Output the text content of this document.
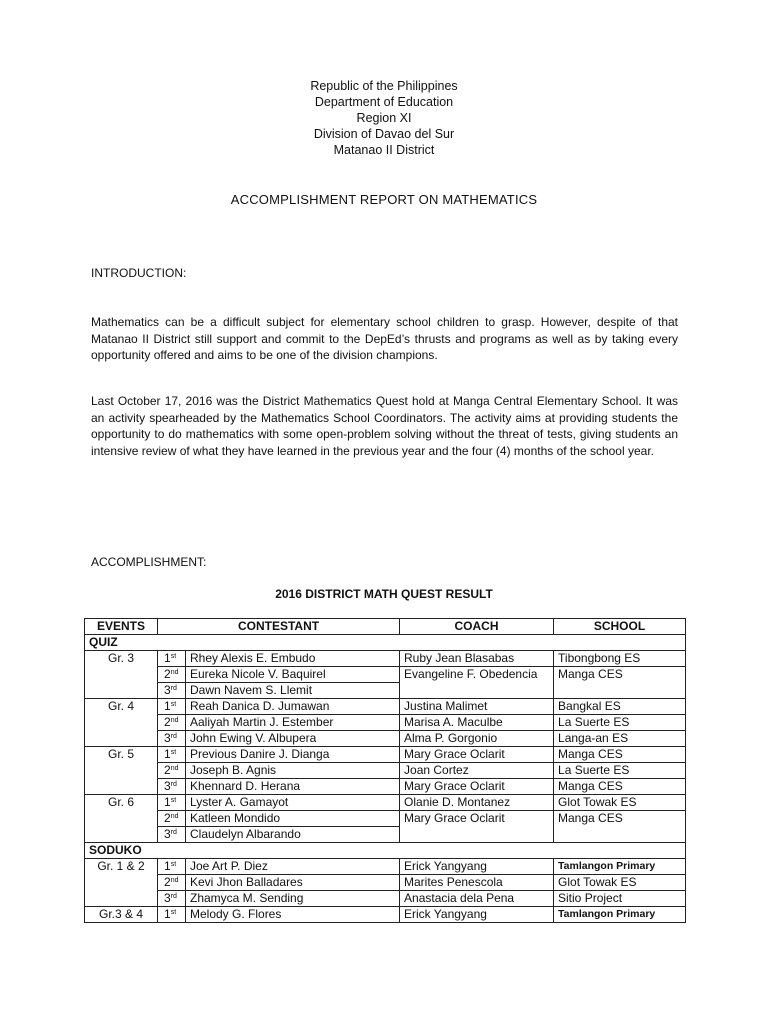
Republic of the Philippines
Department of Education
Region XI
Division of Davao del Sur
Matanao II District
ACCOMPLISHMENT REPORT ON MATHEMATICS
INTRODUCTION:

Mathematics can be a difficult subject for elementary school children to grasp. However, despite of that Matanao II District still support and commit to the DepEd’s thrusts and programs as well as by taking every opportunity offered and aims to be one of the division champions.

Last October 17, 2016 was the District Mathematics Quest hold at Manga Central Elementary School. It was an activity spearheaded by the Mathematics School Coordinators. The activity aims at providing students the opportunity to do mathematics with some open-problem solving without the threat of tests, giving students an intensive review of what they have learned in the previous year and the four (4) months of the school year.

ACCOMPLISHMENT:
2016 DISTRICT MATH QUEST RESULT
EVENTS	CONTESTANT		COACH	SCHOOL
QUIZ				
Gr. 3	1st	Rhey Alexis E. Embudo	Ruby Jean Blasabas	Tibongbong ES
	2nd	Eureka Nicole V. Baquirel	Evangeline F. Obedencia	Manga CES
	3rd	Dawn Navem S. Llemit		
Gr. 4	1st	Reah Danica D. Jumawan	Justina Malimet	Bangkal ES
	2nd	Aaliyah Martin J. Estember	Marisa A. Maculbe	La Suerte ES
	3rd	John Ewing V. Albupera	Alma P. Gorgonio	Langa-an ES
Gr. 5	1st	Previous Danire J. Dianga	Mary Grace Oclarit	Manga CES
	2nd	Joseph B. Agnis	Joan Cortez	La Suerte ES
	3rd	Khennard D. Herana	Mary Grace Oclarit	Manga CES
Gr. 6	1st	Lyster A. Gamayot	Olanie D. Montanez	Glot Towak ES
	2nd	Katleen Mondido	Mary Grace Oclarit	Manga CES
	3rd	Claudelyn Albarando		
SODUKO				
Gr. 1 & 2	1st	Joe Art P. Diez	Erick Yangyang	Tamlangon Primary
	2nd	Kevi Jhon Balladares	Marites Penescola	Glot Towak ES
	3rd	Zhamyca M. Sending	Anastacia dela Pena	Sitio Project
Gr.3 & 4	1st	Melody G. Flores	Erick Yangyang	Tamlangon Primary
